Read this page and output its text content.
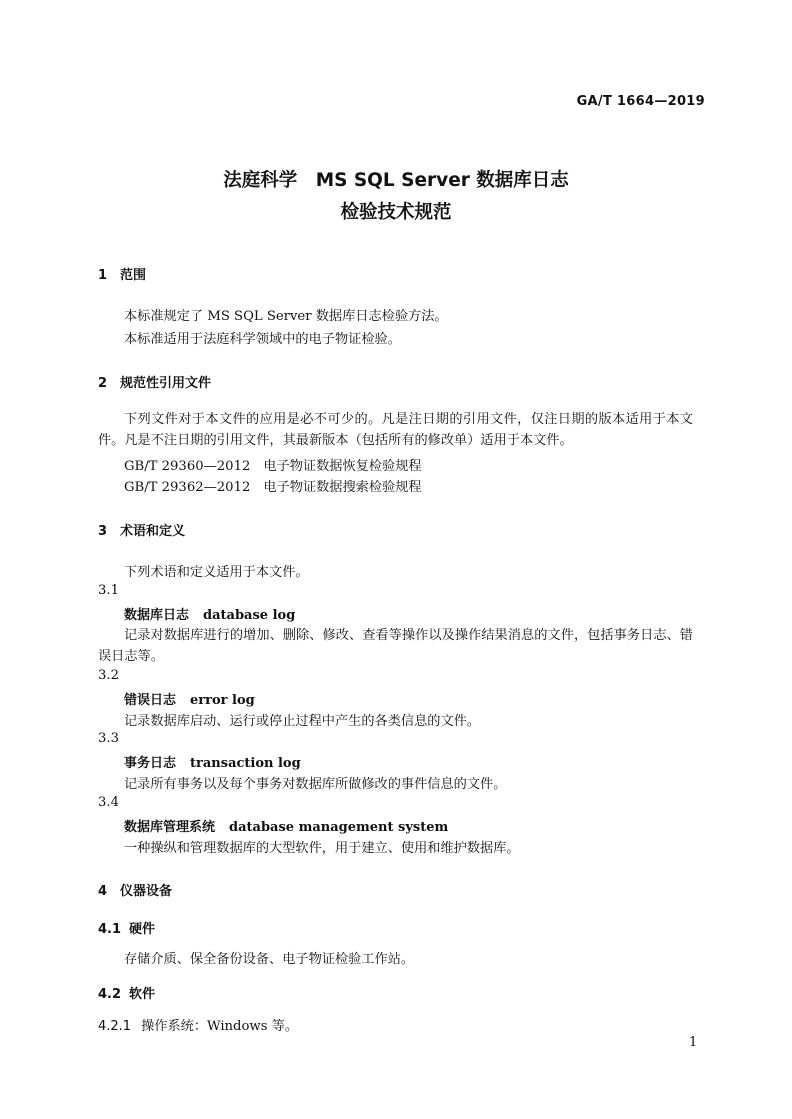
GA/T 1664—2019
法庭科学　MS SQL Server 数据库日志
检验技术规范
1 范围
本标准规定了 MS SQL Server 数据库日志检验方法。
本标准适用于法庭科学领域中的电子物证检验。
2 规范性引用文件
下列文件对于本文件的应用是必不可少的。凡是注日期的引用文件，仅注日期的版本适用于本文件。凡是不注日期的引用文件，其最新版本（包括所有的修改单）适用于本文件。
GB/T 29360—2012 电子物证数据恢复检验规程
GB/T 29362—2012 电子物证数据搜索检验规程
3 术语和定义
下列术语和定义适用于本文件。
3.1
数据库日志 database log
记录对数据库进行的增加、删除、修改、查看等操作以及操作结果消息的文件，包括事务日志、错误日志等。
3.2
错误日志 error log
记录数据库启动、运行或停止过程中产生的各类信息的文件。
3.3
事务日志 transaction log
记录所有事务以及每个事务对数据库所做修改的事件信息的文件。
3.4
数据库管理系统 database management system
一种操纵和管理数据库的大型软件，用于建立、使用和维护数据库。
4 仪器设备
4.1 硬件
存储介质、保全备份设备、电子物证检验工作站。
4.2 软件
4.2.1 操作系统：Windows 等。
1
